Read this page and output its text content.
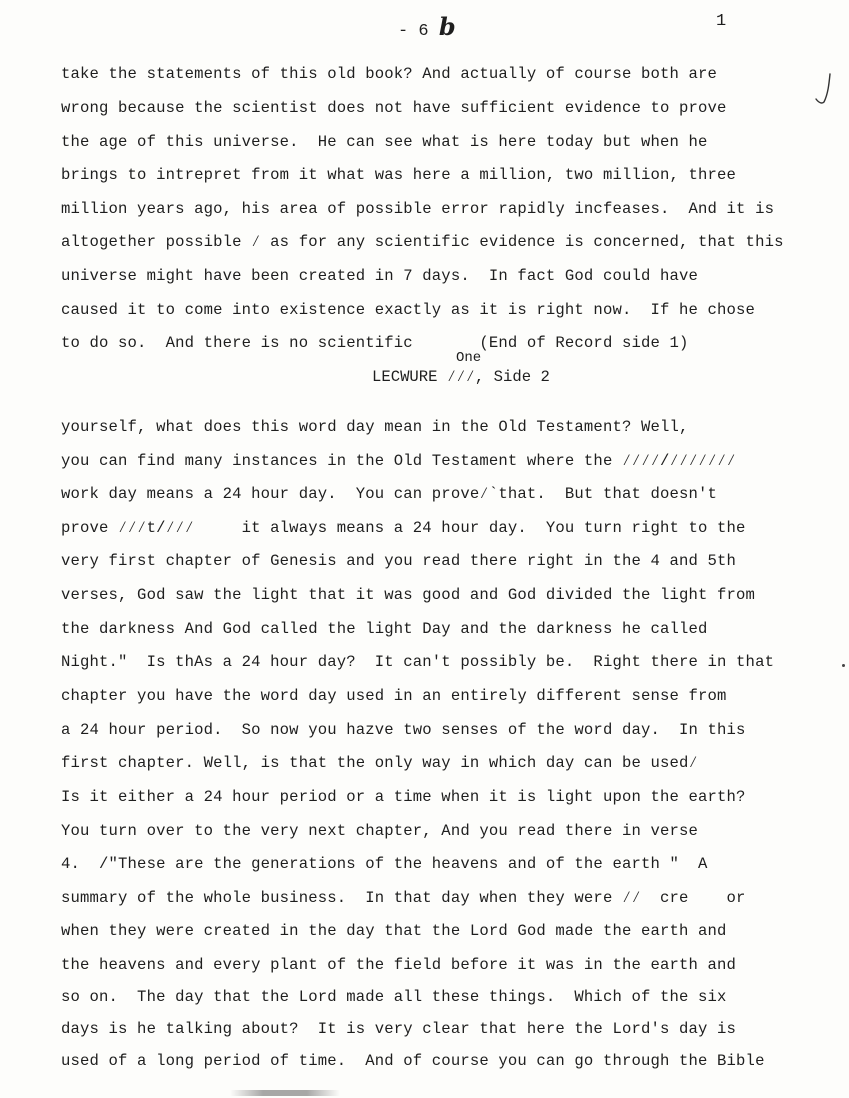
- 6 b	1
take the statements of this old book? And actually of course both are
wrong because the scientist does not have sufficient evidence to prove
the age of this universe.  He can see what is here today but when he
brings to intrepret from it what was here a million, two million, three
million years ago, his area of possible error rapidly incfeases.  And it is
altogether possible ⁄ as for any scientific evidence is concerned, that this
universe might have been created in 7 days.  In fact God could have
caused it to come into existence exactly as it is right now.  If he chose
to do so.  And there is no scientific       (End of Record side 1)
One
LECWURE ⁄⁄⁄, Side 2
yourself, what does this word day mean in the Old Testament? Well,
you can find many instances in the Old Testament where the ⁄⁄⁄⁄/⁄⁄⁄⁄⁄⁄⁄
work day means a 24 hour day.  You can prove⁄`that.  But that doesn't
prove ⁄⁄⁄t/⁄⁄⁄     it always means a 24 hour day.  You turn right to the
very first chapter of Genesis and you read there right in the 4 and 5th
verses, God saw the light that it was good and God divided the light from
the darkness And God called the light Day and the darkness he called
Night."  Is thAs a 24 hour day?  It can't possibly be.  Right there in that
chapter you have the word day used in an entirely different sense from
a 24 hour period.  So now you hazve two senses of the word day.  In this
first chapter. Well, is that the only way in which day can be used⁄
Is it either a 24 hour period or a time when it is light upon the earth?
You turn over to the very next chapter, And you read there in verse
4.  /"These are the generations of the heavens and of the earth "  A
summary of the whole business.  In that day when they were ⁄⁄  cre    or
when they were created in the day that the Lord God made the earth and
the heavens and every plant of the field before it was in the earth and
so on.  The day that the Lord made all these things.  Which of the six
days is he talking about?  It is very clear that here the Lord's day is
used of a long period of time.  And of course you can go through the Bible
